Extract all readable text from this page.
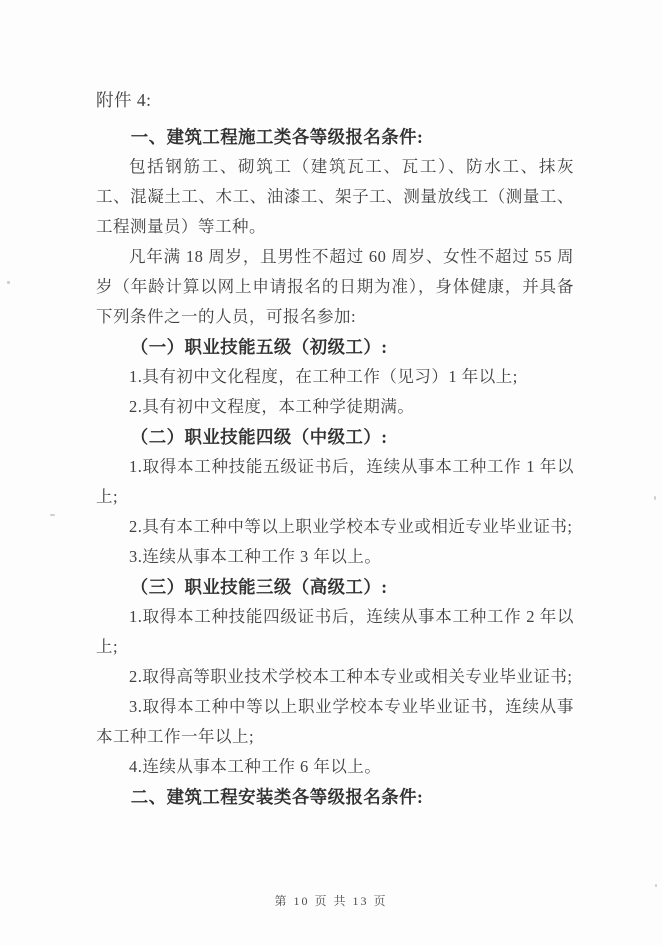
附件 4:

一、建筑工程施工类各等级报名条件:

包括钢筋工、砌筑工（建筑瓦工、瓦工）、防水工、抹灰工、混凝土工、木工、油漆工、架子工、测量放线工（测量工、工程测量员）等工种。

凡年满 18 周岁，且男性不超过 60 周岁、女性不超过 55 周岁（年龄计算以网上申请报名的日期为准），身体健康，并具备下列条件之一的人员，可报名参加:

（一）职业技能五级（初级工）:

1.具有初中文化程度，在工种工作（见习）1 年以上;

2.具有初中文程度，本工种学徒期满。

（二）职业技能四级（中级工）:

1.取得本工种技能五级证书后，连续从事本工种工作 1 年以上;

2.具有本工种中等以上职业学校本专业或相近专业毕业证书;

3.连续从事本工种工作 3 年以上。

（三）职业技能三级（高级工）:

1.取得本工种技能四级证书后，连续从事本工种工作 2 年以上;

2.取得高等职业技术学校本工种本专业或相关专业毕业证书;

3.取得本工种中等以上职业学校本专业毕业证书，连续从事本工种工作一年以上;

4.连续从事本工种工作 6 年以上。

二、建筑工程安装类各等级报名条件:

第 10 页 共 13 页
